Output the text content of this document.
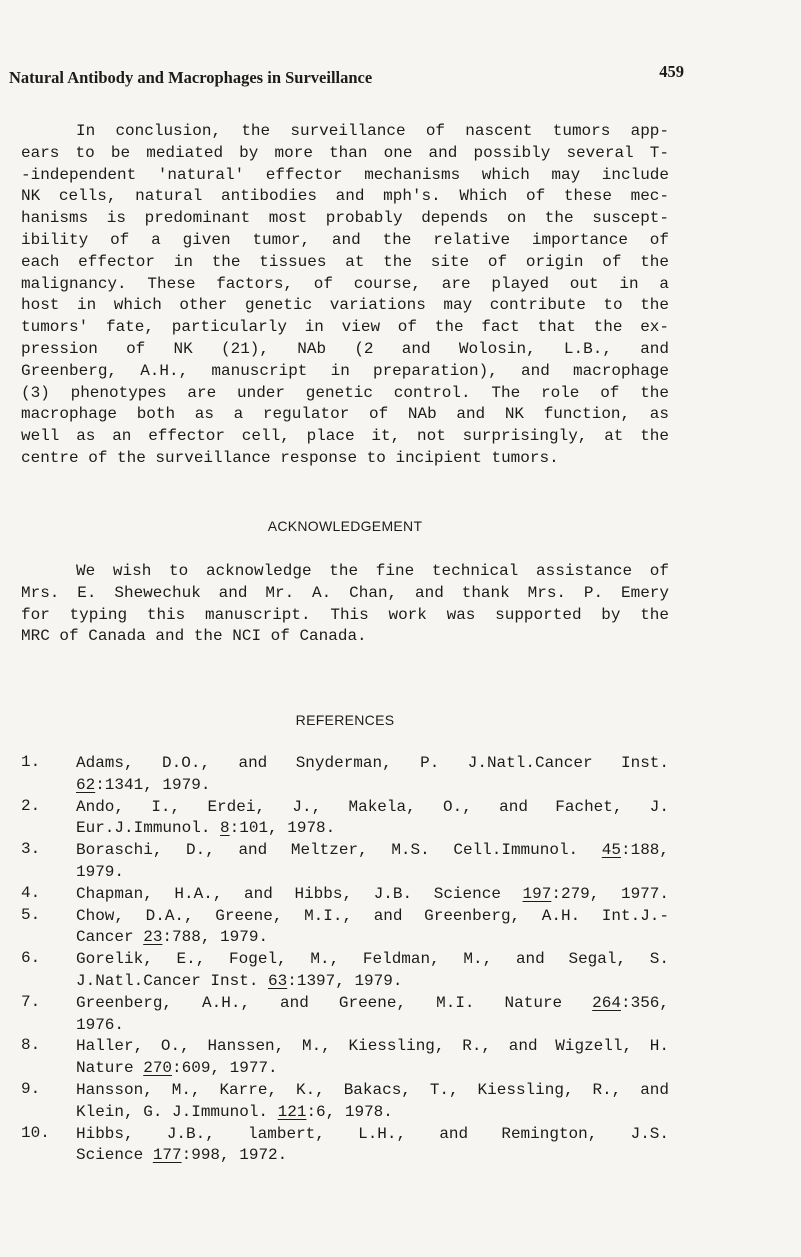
Natural Antibody and Macrophages in Surveillance	459
In conclusion, the surveillance of nascent tumors app-
ears to be mediated by more than one and possibly several T-
-independent 'natural' effector mechanisms which may include
NK cells, natural antibodies and mph's. Which of these mec-
hanisms is predominant most probably depends on the suscept-
ibility of a given tumor, and the relative importance of
each effector in the tissues at the site of origin of the
malignancy. These factors, of course, are played out in a
host in which other genetic variations may contribute to the
tumors' fate, particularly in view of the fact that the ex-
pression of NK (21), NAb (2 and Wolosin, L.B., and
Greenberg, A.H., manuscript in preparation), and macrophage
(3) phenotypes are under genetic control. The role of the
macrophage both as a regulator of NAb and NK function, as
well as an effector cell, place it, not surprisingly, at the
centre of the surveillance response to incipient tumors.
ACKNOWLEDGEMENT
We wish to acknowledge the fine technical assistance of
Mrs. E. Shewechuk and Mr. A. Chan, and thank Mrs. P. Emery
for typing this manuscript. This work was supported by the
MRC of Canada and the NCI of Canada.
REFERENCES
1.	Adams, D.O., and Snyderman, P. J.Natl.Cancer Inst.
62:1341, 1979.
2.	Ando, I., Erdei, J., Makela, O., and Fachet, J.
Eur.J.Immunol. 8:101, 1978.
3.	Boraschi, D., and Meltzer, M.S. Cell.Immunol. 45:188,
1979.
4.	Chapman, H.A., and Hibbs, J.B. Science 197:279, 1977.
5.	Chow, D.A., Greene, M.I., and Greenberg, A.H. Int.J.-
Cancer 23:788, 1979.
6.	Gorelik, E., Fogel, M., Feldman, M., and Segal, S.
J.Natl.Cancer Inst. 63:1397, 1979.
7.	Greenberg, A.H., and Greene, M.I. Nature 264:356,
1976.
8.	Haller, O., Hanssen, M., Kiessling, R., and Wigzell, H.
Nature 270:609, 1977.
9.	Hansson, M., Karre, K., Bakacs, T., Kiessling, R., and
Klein, G. J.Immunol. 121:6, 1978.
10.	Hibbs, J.B., lambert, L.H., and Remington, J.S.
Science 177:998, 1972.
